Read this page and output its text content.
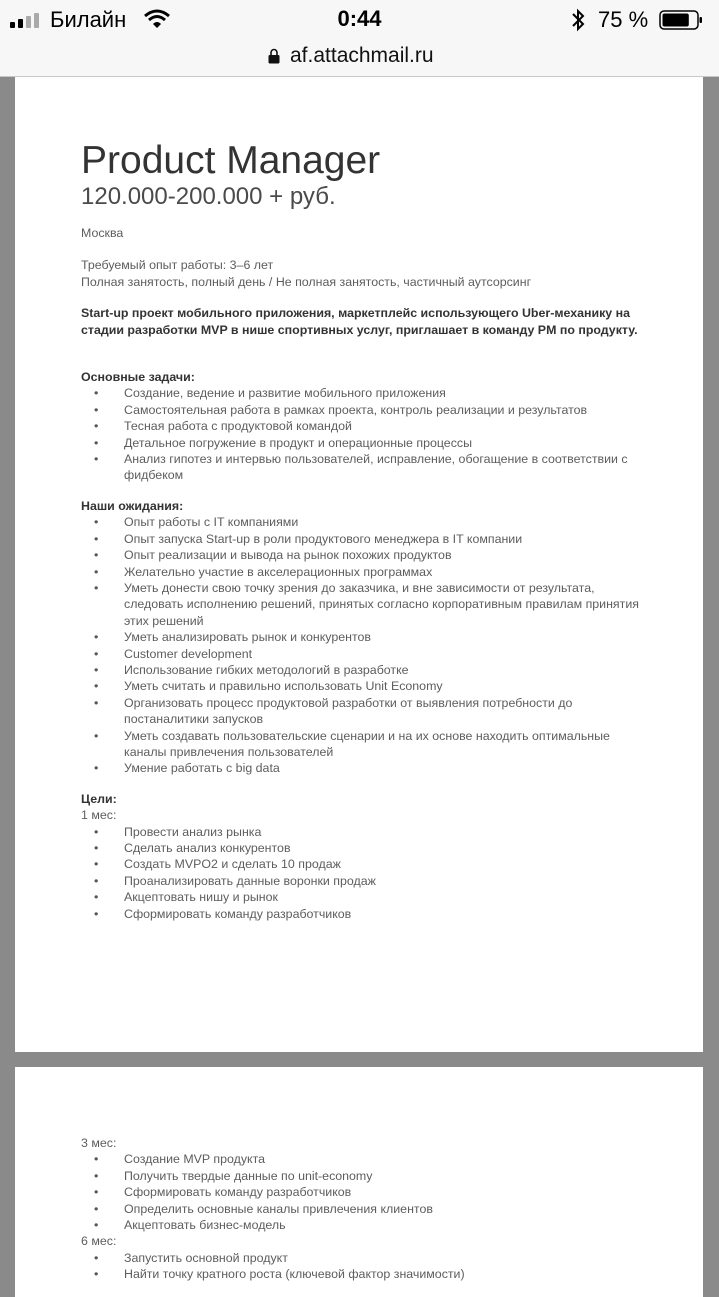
Билайн	0:44	75 %
af.attachmail.ru
Product Manager

120.000-200.000 + руб.

Москва

Требуемый опыт работы: 3–6 лет

Полная занятость, полный день / Не полная занятость, частичный аутсорсинг

Start-up проект мобильного приложения, маркетплейс использующего Uber-механику на стадии разработки MVP в нише спортивных услуг, приглашает в команду PM по продукту.

Основные задачи:

• Создание, ведение и развитие мобильного приложения
• Самостоятельная работа в рамках проекта, контроль реализации и результатов
• Тесная работа с продуктовой командой
• Детальное погружение в продукт и операционные процессы
• Анализ гипотез и интервью пользователей, исправление, обогащение в соответствии с фидбеком

Наши ожидания:

• Опыт работы с IT компаниями
• Опыт запуска Start-up в роли продуктового менеджера в IT компании
• Опыт реализации и вывода на рынок похожих продуктов
• Желательно участие в акселерационных программах
• Уметь донести свою точку зрения до заказчика, и вне зависимости от результата, следовать исполнению решений, принятых согласно корпоративным правилам принятия этих решений
• Уметь анализировать рынок и конкурентов
• Customer development
• Использование гибких методологий в разработке
• Уметь считать и правильно использовать Unit Economy
• Организовать процесс продуктовой разработки от выявления потребности до постаналитики запусков
• Уметь создавать пользовательские сценарии и на их основе находить оптимальные каналы привлечения пользователей
• Умение работать с big data

Цели:

1 мес:

• Провести анализ рынка
• Сделать анализ конкурентов
• Создать MVPO2 и сделать 10 продаж
• Проанализировать данные воронки продаж
• Акцептовать нишу и рынок
• Сформировать команду разработчиков

3 мес:

• Создание MVP продукта
• Получить твердые данные по unit-economy
• Сформировать команду разработчиков
• Определить основные каналы привлечения клиентов
• Акцептовать бизнес-модель

6 мес:

• Запустить основной продукт
• Найти точку кратного роста (ключевой фактор значимости)
